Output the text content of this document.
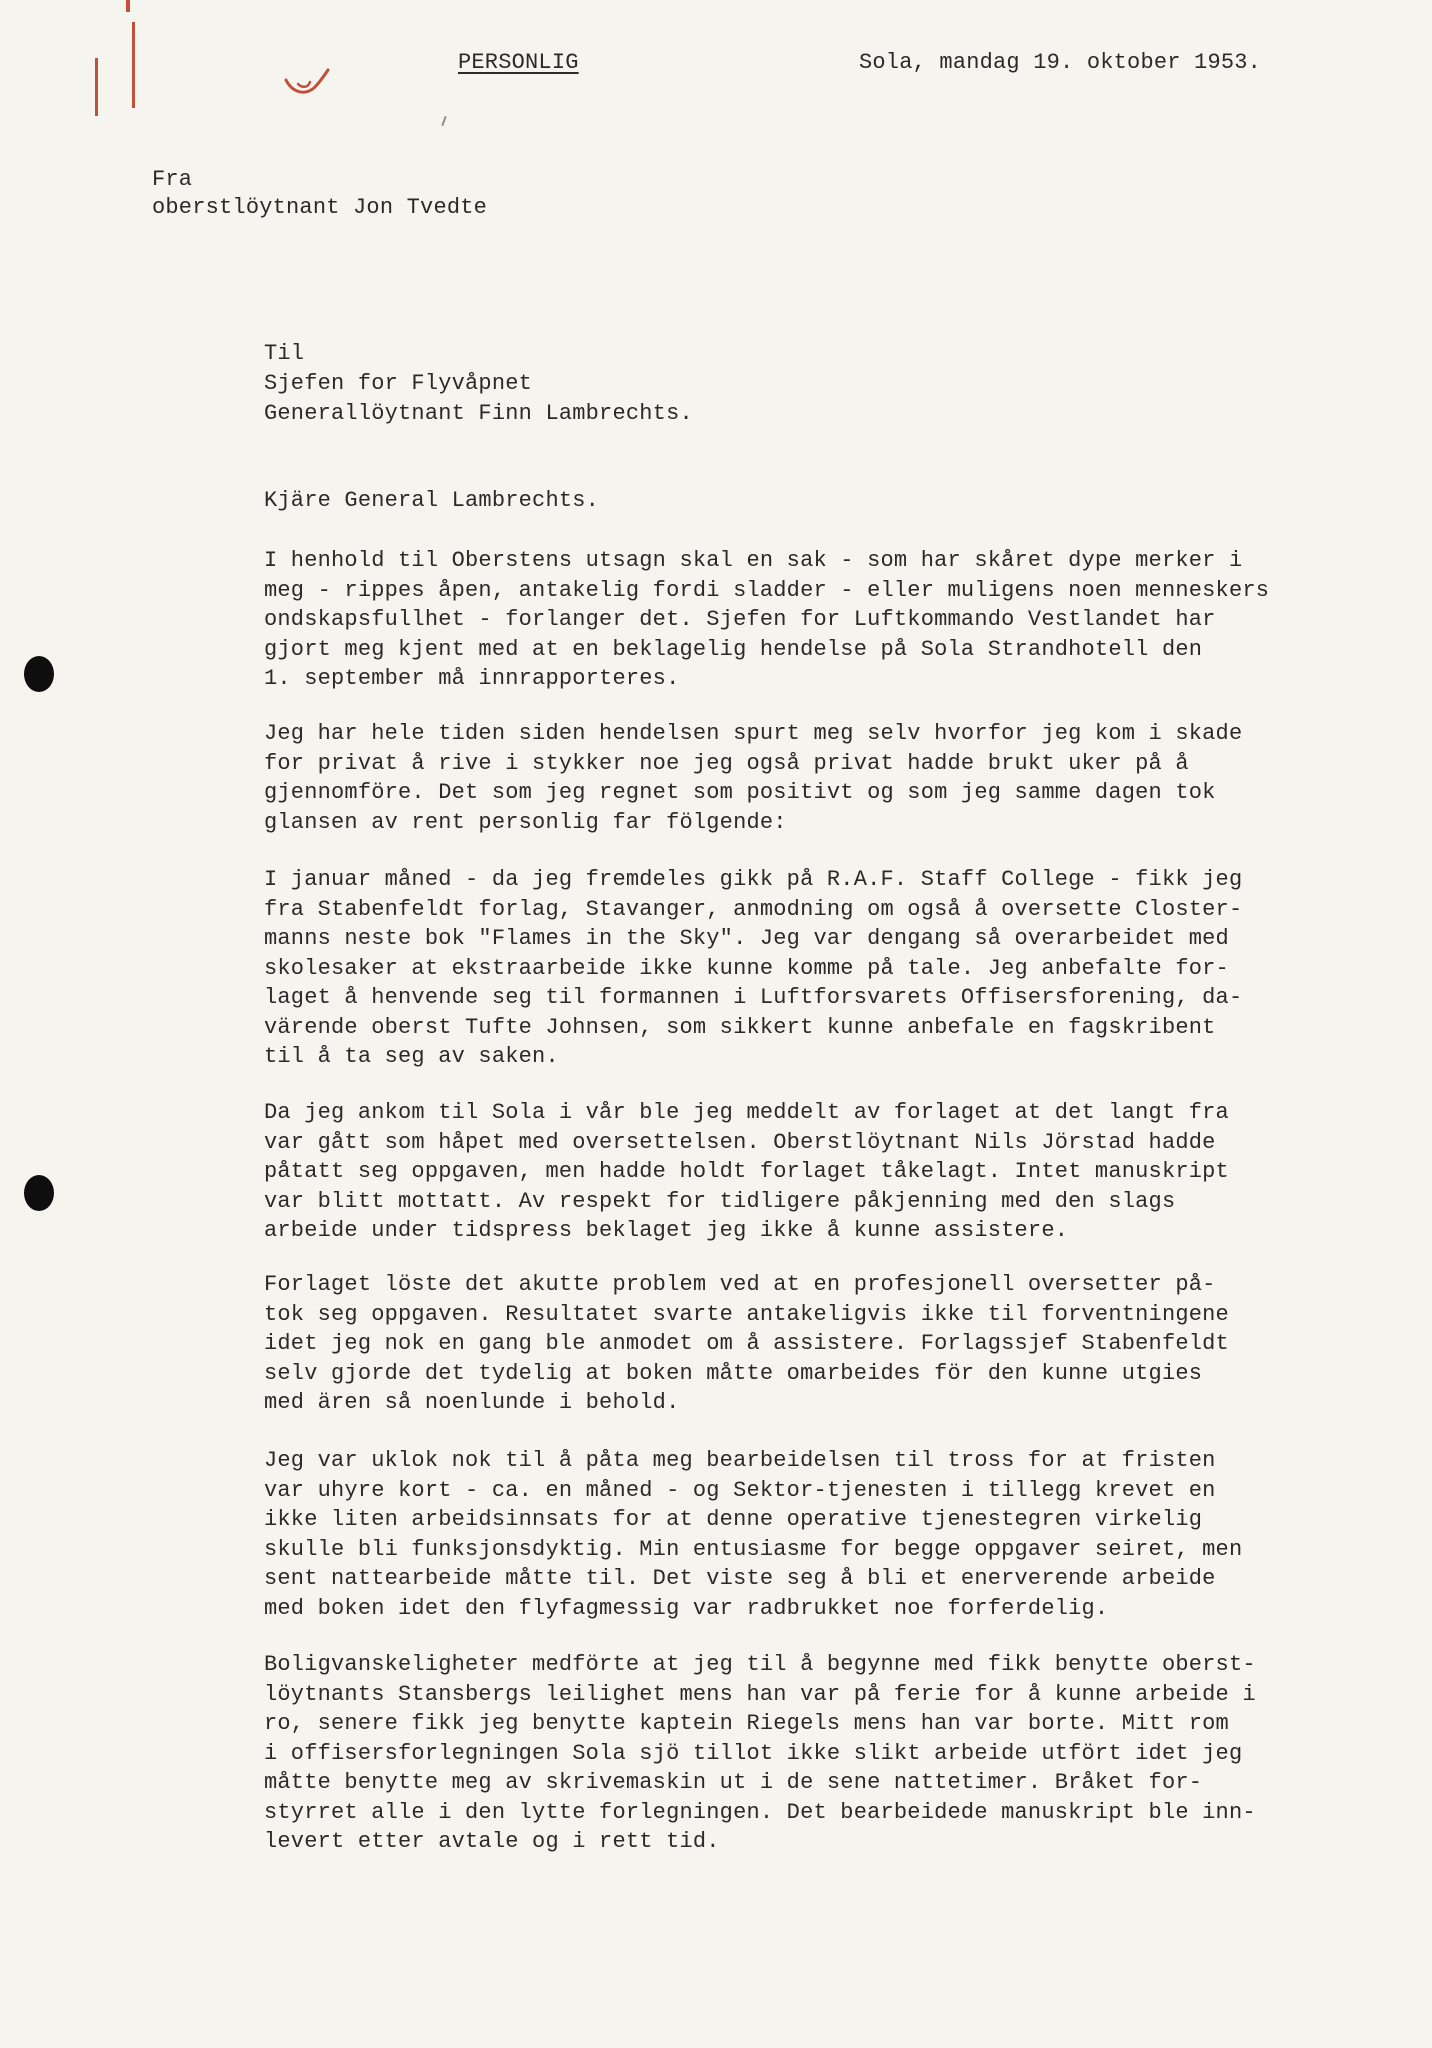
PERSONLIG	Sola, mandag 19. oktober 1953.
Fra
oberstlöytnant Jon Tvedte
Til
Sjefen for Flyvåpnet
Generallöytnant Finn Lambrechts.
Kjäre General Lambrechts.
I henhold til Oberstens utsagn skal en sak - som har skåret dype merker i
meg - rippes åpen, antakelig fordi sladder - eller muligens noen menneskers
ondskapsfullhet - forlanger det. Sjefen for Luftkommando Vestlandet har
gjort meg kjent med at en beklagelig hendelse på Sola Strandhotell den
1. september må innrapporteres.
Jeg har hele tiden siden hendelsen spurt meg selv hvorfor jeg kom i skade
for privat å rive i stykker noe jeg også privat hadde brukt uker på å
gjennomföre. Det som jeg regnet som positivt og som jeg samme dagen tok
glansen av rent personlig far fölgende:
I januar måned - da jeg fremdeles gikk på R.A.F. Staff College - fikk jeg
fra Stabenfeldt forlag, Stavanger, anmodning om også å oversette Closter-
manns neste bok "Flames in the Sky". Jeg var dengang så overarbeidet med
skolesaker at ekstraarbeide ikke kunne komme på tale. Jeg anbefalte for-
laget å henvende seg til formannen i Luftforsvarets Offisersforening, da-
värende oberst Tufte Johnsen, som sikkert kunne anbefale en fagskribent
til å ta seg av saken.
Da jeg ankom til Sola i vår ble jeg meddelt av forlaget at det langt fra
var gått som håpet med oversettelsen. Oberstlöytnant Nils Jörstad hadde
påtatt seg oppgaven, men hadde holdt forlaget tåkelagt. Intet manuskript
var blitt mottatt. Av respekt for tidligere påkjenning med den slags
arbeide under tidspress beklaget jeg ikke å kunne assistere.
Forlaget löste det akutte problem ved at en profesjonell oversetter på-
tok seg oppgaven. Resultatet svarte antakeligvis ikke til forventningene
idet jeg nok en gang ble anmodet om å assistere. Forlagssjef Stabenfeldt
selv gjorde det tydelig at boken måtte omarbeides för den kunne utgies
med ären så noenlunde i behold.
Jeg var uklok nok til å påta meg bearbeidelsen til tross for at fristen
var uhyre kort - ca. en måned - og Sektor-tjenesten i tillegg krevet en
ikke liten arbeidsinnsats for at denne operative tjenestegren virkelig
skulle bli funksjonsdyktig. Min entusiasme for begge oppgaver seiret, men
sent nattearbeide måtte til. Det viste seg å bli et enerverende arbeide
med boken idet den flyfagmessig var radbrukket noe forferdelig.
Boligvanskeligheter medförte at jeg til å begynne med fikk benytte oberst-
löytnants Stansbergs leilighet mens han var på ferie for å kunne arbeide i
ro, senere fikk jeg benytte kaptein Riegels mens han var borte. Mitt rom
i offisersforlegningen Sola sjö tillot ikke slikt arbeide utfört idet jeg
måtte benytte meg av skrivemaskin ut i de sene nattetimer. Bråket for-
styrret alle i den lytte forlegningen. Det bearbeidede manuskript ble inn-
levert etter avtale og i rett tid.
